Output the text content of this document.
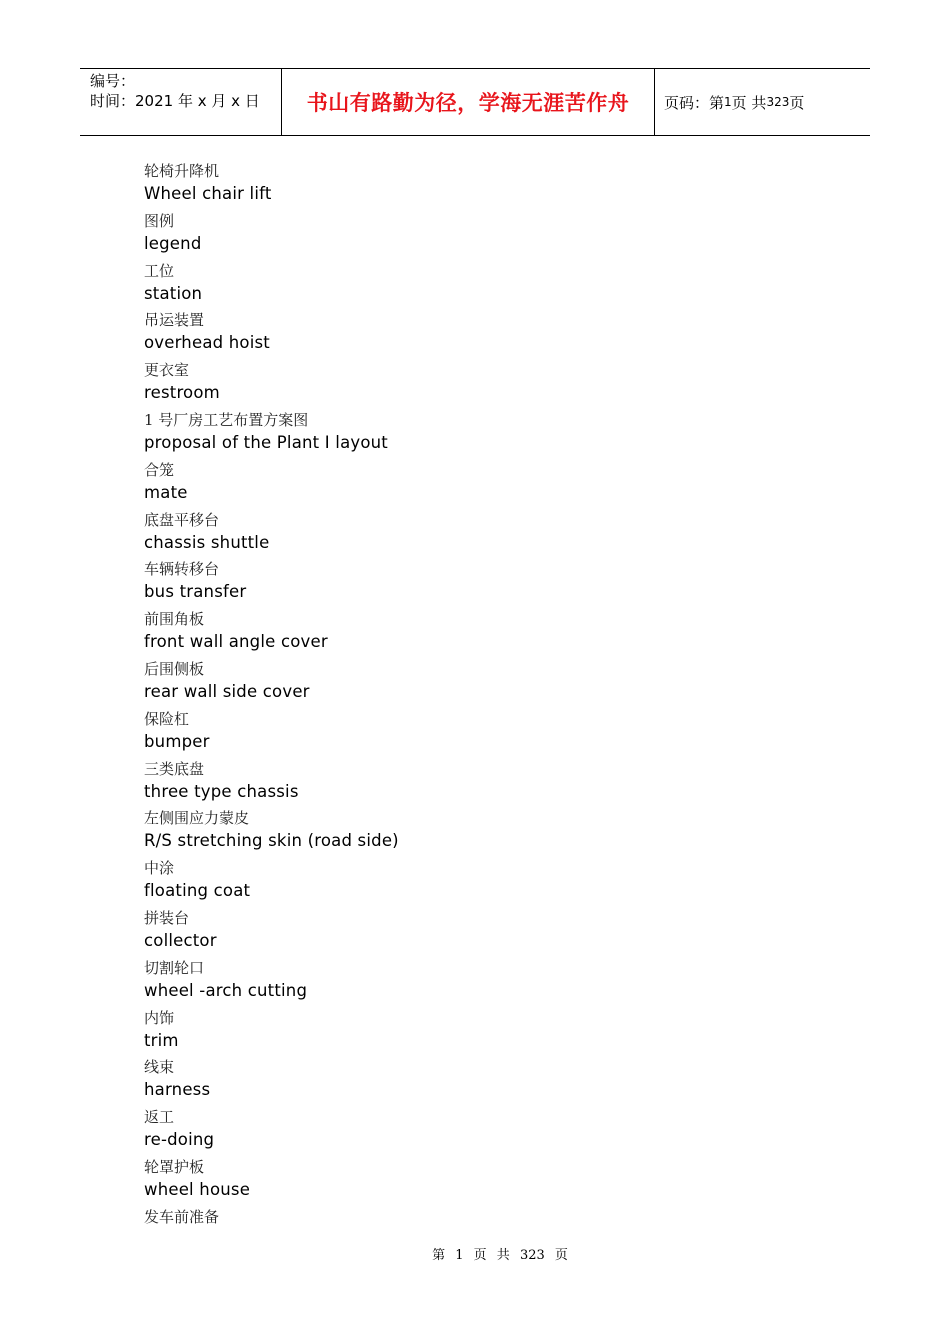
编号：
时间：2021 年 x 月 x 日	书山有路勤为径，学海无涯苦作舟 页码：第 1 页 共 323 页
轮椅升降机
Wheel chair lift
图例
legend
工位
station
吊运装置
overhead hoist
更衣室
restroom
1 号厂房工艺布置方案图
proposal of the Plant I layout
合笼
mate
底盘平移台
chassis shuttle
车辆转移台
bus transfer
前围角板
front wall angle cover
后围侧板
rear wall side cover
保险杠
bumper
三类底盘
three type chassis
左侧围应力蒙皮
R/S stretching skin (road side)
中涂
floating coat
拼装台
collector
切割轮口
wheel -arch cutting
内饰
trim
线束
harness
返工
re-doing
轮罩护板
wheel house
发车前准备
第 1 页 共 323 页
